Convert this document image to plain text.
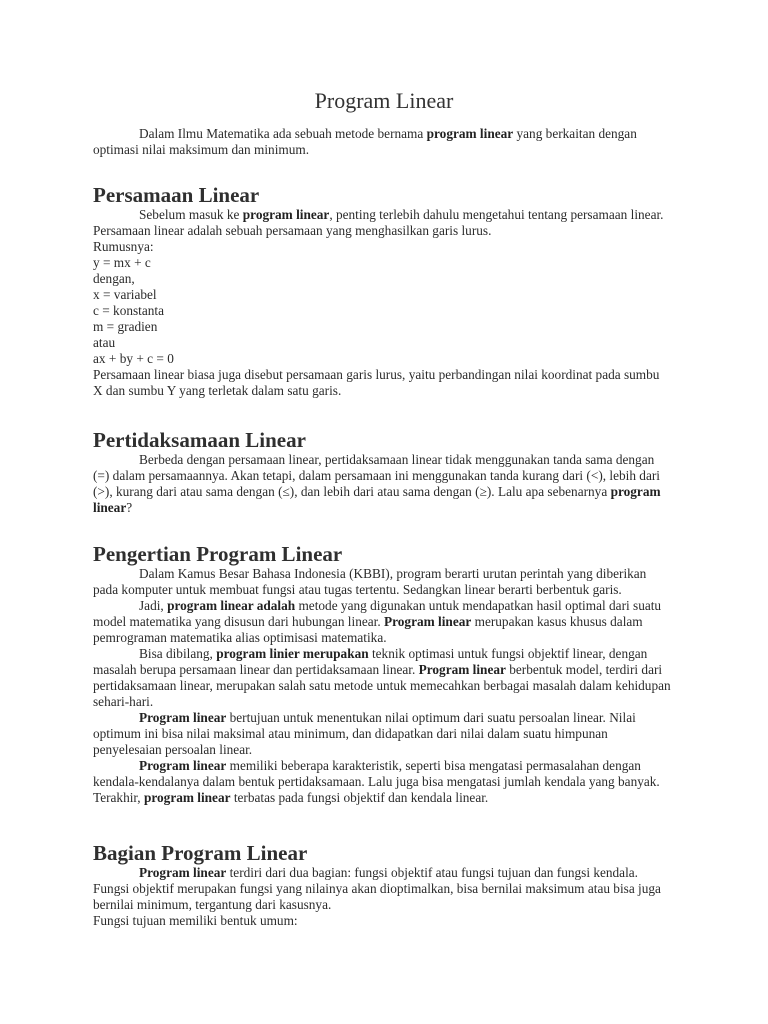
Program Linear

Dalam Ilmu Matematika ada sebuah metode bernama program linear yang berkaitan dengan optimasi nilai maksimum dan minimum.

Persamaan Linear

Sebelum masuk ke program linear, penting terlebih dahulu mengetahui tentang persamaan linear. Persamaan linear adalah sebuah persamaan yang menghasilkan garis lurus.

Rumusnya:

y = mx + c

dengan,

x = variabel

c = konstanta

m = gradien

atau

ax + by + c = 0

Persamaan linear biasa juga disebut persamaan garis lurus, yaitu perbandingan nilai koordinat pada sumbu X dan sumbu Y yang terletak dalam satu garis.

Pertidaksamaan Linear

Berbeda dengan persamaan linear, pertidaksamaan linear tidak menggunakan tanda sama dengan (=) dalam persamaannya. Akan tetapi, dalam persamaan ini menggunakan tanda kurang dari (<), lebih dari (>), kurang dari atau sama dengan (≤), dan lebih dari atau sama dengan (≥). Lalu apa sebenarnya program linear?

Pengertian Program Linear

Dalam Kamus Besar Bahasa Indonesia (KBBI), program berarti urutan perintah yang diberikan pada komputer untuk membuat fungsi atau tugas tertentu. Sedangkan linear berarti berbentuk garis.

Jadi, program linear adalah metode yang digunakan untuk mendapatkan hasil optimal dari suatu model matematika yang disusun dari hubungan linear. Program linear merupakan kasus khusus dalam pemrograman matematika alias optimisasi matematika.

Bisa dibilang, program linier merupakan teknik optimasi untuk fungsi objektif linear, dengan masalah berupa persamaan linear dan pertidaksamaan linear. Program linear berbentuk model, terdiri dari pertidaksamaan linear, merupakan salah satu metode untuk memecahkan berbagai masalah dalam kehidupan sehari-hari.

Program linear bertujuan untuk menentukan nilai optimum dari suatu persoalan linear. Nilai optimum ini bisa nilai maksimal atau minimum, dan didapatkan dari nilai dalam suatu himpunan penyelesaian persoalan linear.

Program linear memiliki beberapa karakteristik, seperti bisa mengatasi permasalahan dengan kendala-kendalanya dalam bentuk pertidaksamaan. Lalu juga bisa mengatasi jumlah kendala yang banyak. Terakhir, program linear terbatas pada fungsi objektif dan kendala linear.

Bagian Program Linear

Program linear terdiri dari dua bagian: fungsi objektif atau fungsi tujuan dan fungsi kendala. Fungsi objektif merupakan fungsi yang nilainya akan dioptimalkan, bisa bernilai maksimum atau bisa juga bernilai minimum, tergantung dari kasusnya.

Fungsi tujuan memiliki bentuk umum:
